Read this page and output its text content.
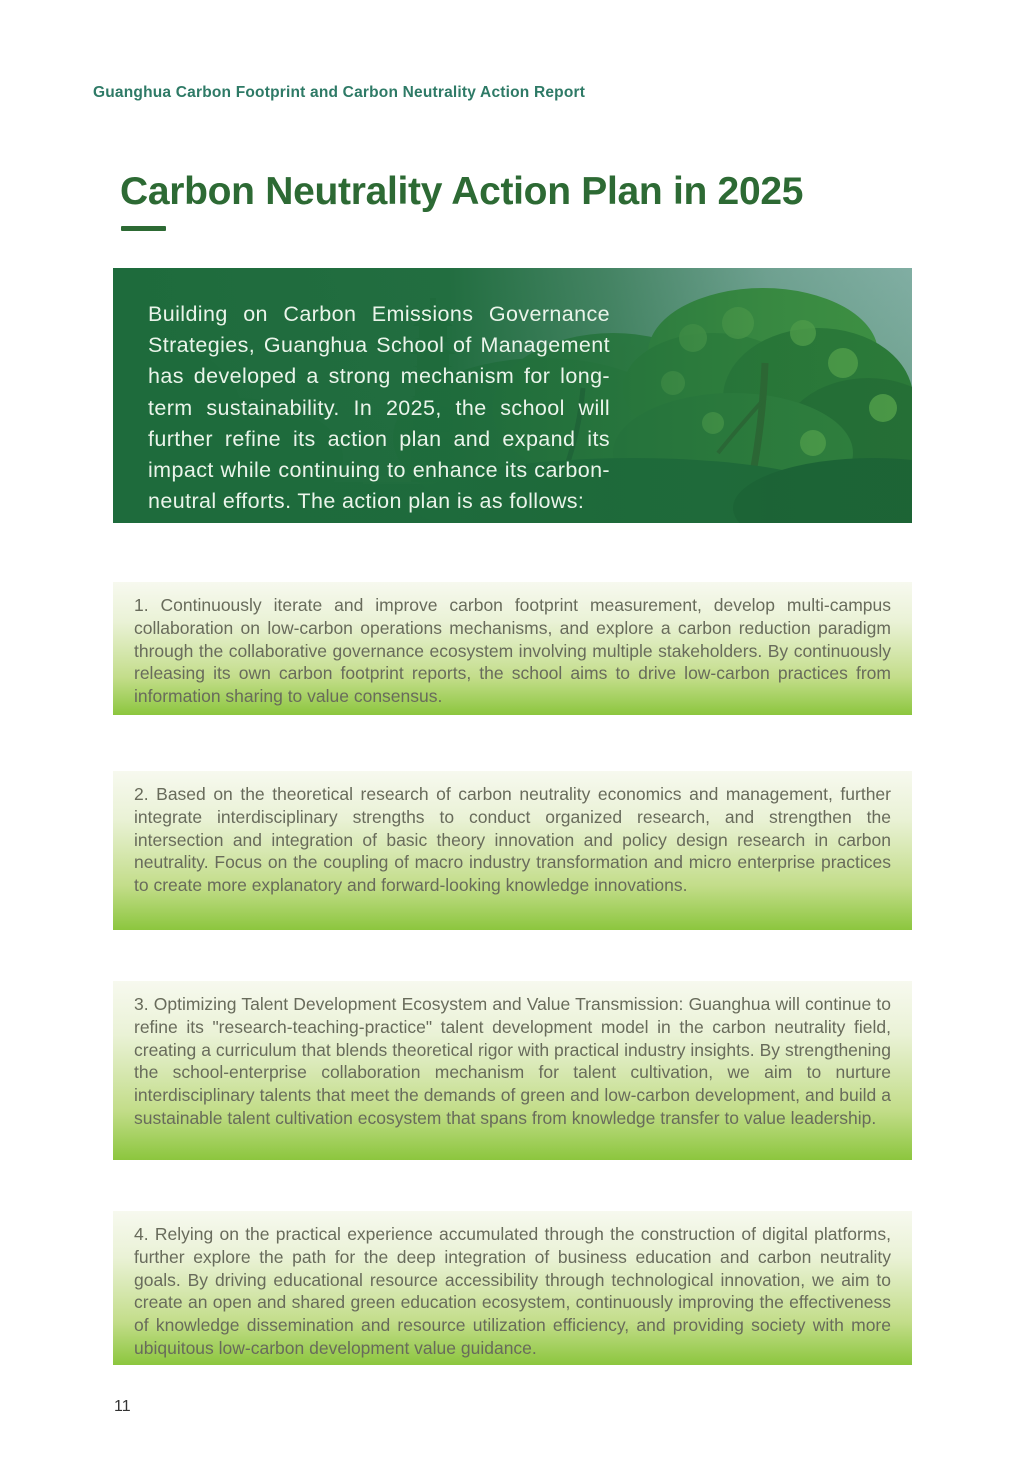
Guanghua Carbon Footprint and Carbon Neutrality Action Report
Carbon Neutrality Action Plan in 2025

Building on Carbon Emissions Governance Strategies, Guanghua School of Management has developed a strong mechanism for long-term sustainability. In 2025, the school will further refine its action plan and expand its impact while continuing to enhance its carbon-neutral efforts. The action plan is as follows:

1. Continuously iterate and improve carbon footprint measurement, develop multi-campus collaboration on low-carbon operations mechanisms, and explore a carbon reduction paradigm through the collaborative governance ecosystem involving multiple stakeholders. By continuously releasing its own carbon footprint reports, the school aims to drive low-carbon practices from information sharing to value consensus.
2. Based on the theoretical research of carbon neutrality economics and management, further integrate interdisciplinary strengths to conduct organized research, and strengthen the intersection and integration of basic theory innovation and policy design research in carbon neutrality. Focus on the coupling of macro industry transformation and micro enterprise practices to create more explanatory and forward-looking knowledge innovations.
3. Optimizing Talent Development Ecosystem and Value Transmission: Guanghua will continue to refine its "research-teaching-practice" talent development model in the carbon neutrality field, creating a curriculum that blends theoretical rigor with practical industry insights. By strengthening the school-enterprise collaboration mechanism for talent cultivation, we aim to nurture interdisciplinary talents that meet the demands of green and low-carbon development, and build a sustainable talent cultivation ecosystem that spans from knowledge transfer to value leadership.
4. Relying on the practical experience accumulated through the construction of digital platforms, further explore the path for the deep integration of business education and carbon neutrality goals. By driving educational resource accessibility through technological innovation, we aim to create an open and shared green education ecosystem, continuously improving the effectiveness of knowledge dissemination and resource utilization efficiency, and providing society with more ubiquitous low-carbon development value guidance.
11
